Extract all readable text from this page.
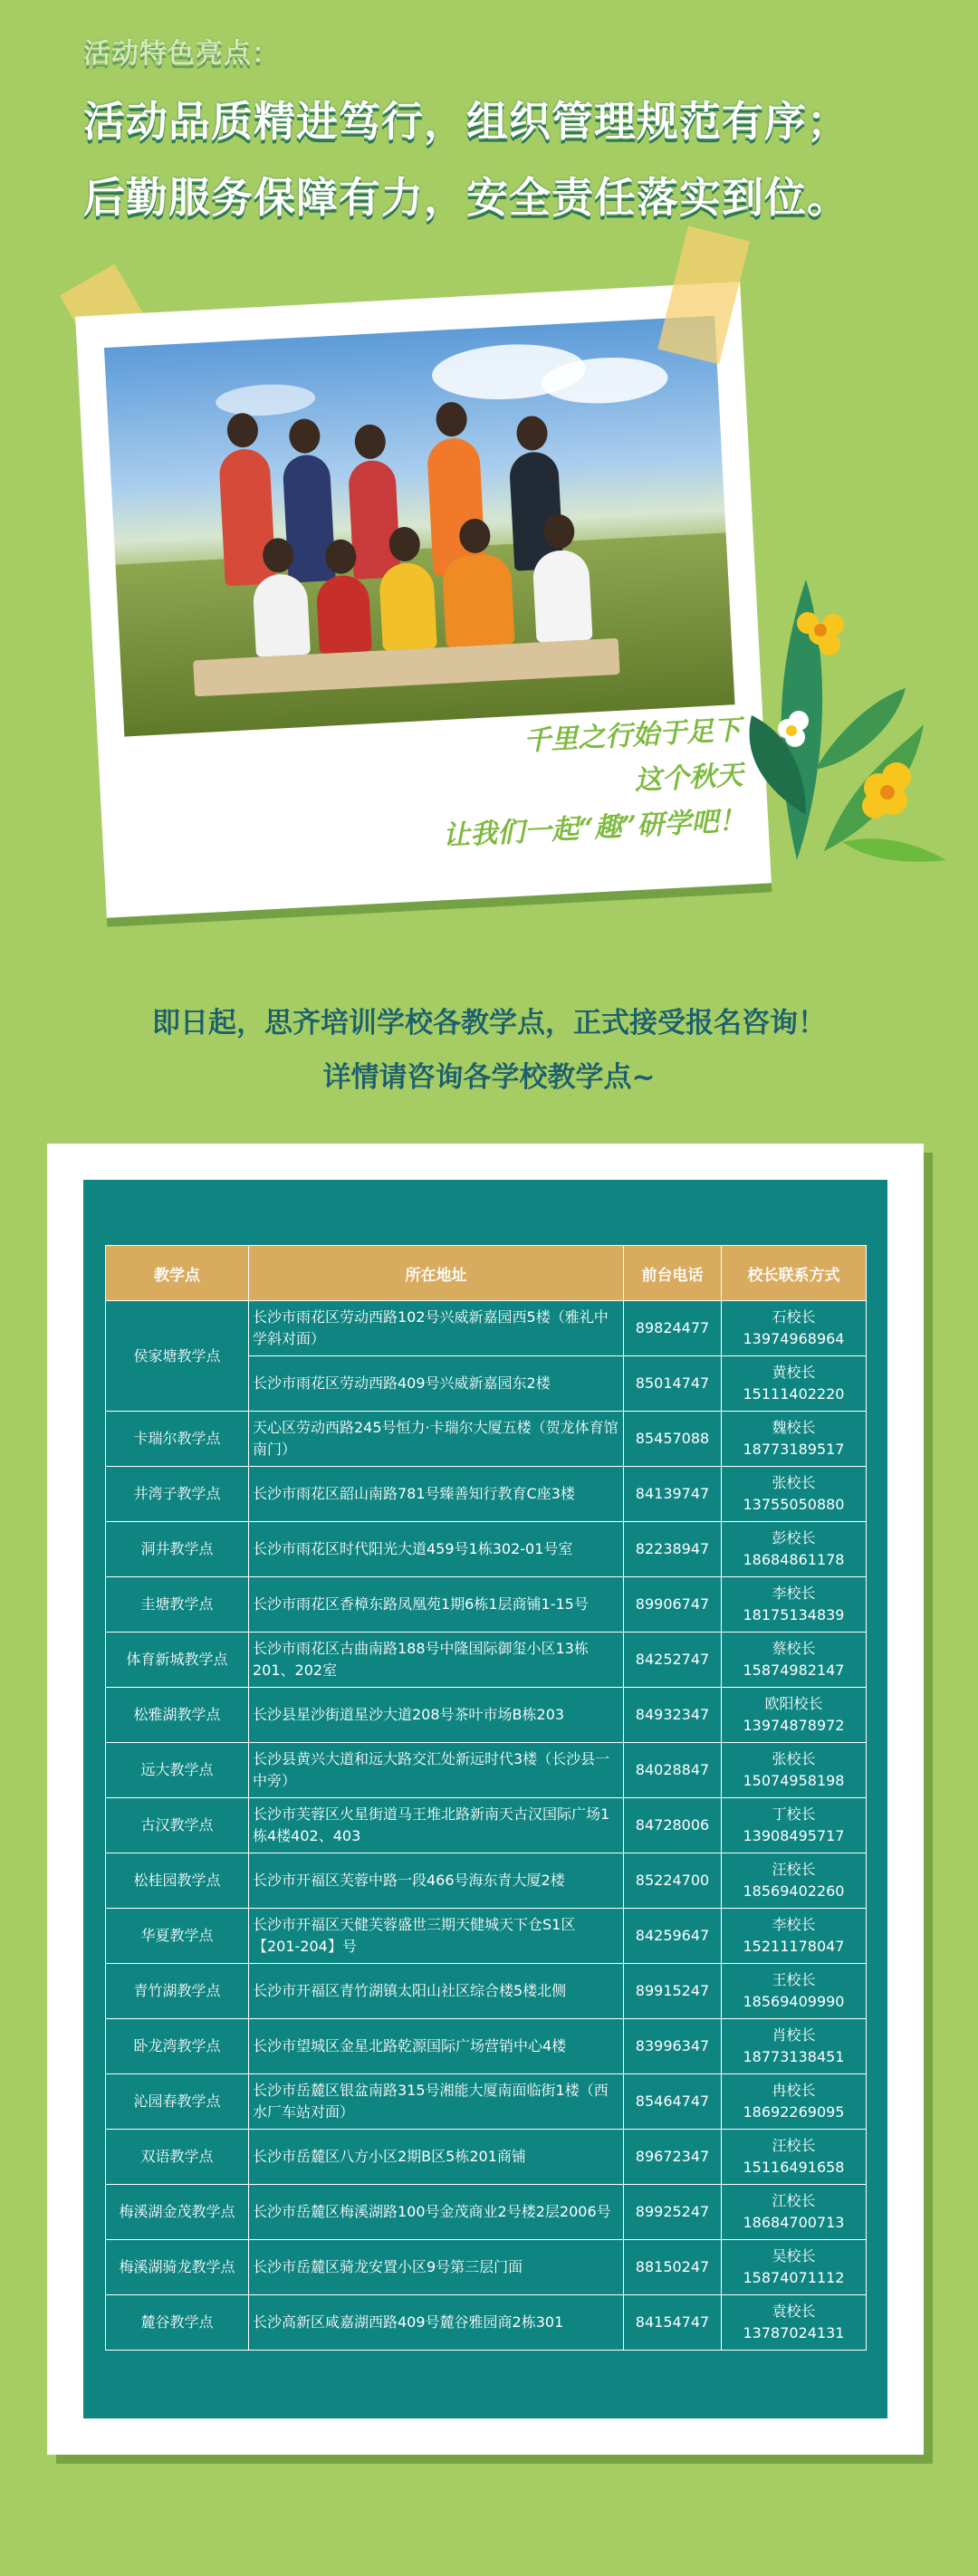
活动特色亮点：
活动品质精进笃行，组织管理规范有序；
后勤服务保障有力，安全责任落实到位。
千里之行始于足下
这个秋天
让我们一起“趣”研学吧！
即日起，思齐培训学校各教学点，正式接受报名咨询！
详情请咨询各学校教学点~
教学点	所在地址	前台电话	校长联系方式
侯家塘教学点	长沙市雨花区劳动西路102号兴威新嘉园西5楼（雅礼中学斜对面）	89824477	石校长
13974968964

	长沙市雨花区劳动西路409号兴威新嘉园东2楼	85014747	黄校长
15111402220

卡瑞尔教学点	天心区劳动西路245号恒力·卡瑞尔大厦五楼（贺龙体育馆南门）	85457088	魏校长
18773189517

井湾子教学点	长沙市雨花区韶山南路781号臻善知行教育C座3楼	84139747	张校长
13755050880

洞井教学点	长沙市雨花区时代阳光大道459号1栋302-01号室	82238947	彭校长
18684861178

圭塘教学点	长沙市雨花区香樟东路凤凰苑1期6栋1层商铺1-15号	89906747	李校长
18175134839

体育新城教学点	长沙市雨花区古曲南路188号中隆国际御玺小区13栋201、202室	84252747	蔡校长
15874982147

松雅湖教学点	长沙县星沙街道星沙大道208号茶叶市场B栋203	84932347	欧阳校长
13974878972

远大教学点	长沙县黄兴大道和远大路交汇处新远时代3楼（长沙县一中旁）	84028847	张校长
15074958198

古汉教学点	长沙市芙蓉区火星街道马王堆北路新南天古汉国际广场1栋4楼402、403	84728006	丁校长
13908495717

松桂园教学点	长沙市开福区芙蓉中路一段466号海东青大厦2楼	85224700	汪校长
18569402260

华夏教学点	长沙市开福区天健芙蓉盛世三期天健城天下仓S1区【201-204】号	84259647	李校长
15211178047

青竹湖教学点	长沙市开福区青竹湖镇太阳山社区综合楼5楼北侧	89915247	王校长
18569409990

卧龙湾教学点	长沙市望城区金星北路乾源国际广场营销中心4楼	83996347	肖校长
18773138451

沁园春教学点	长沙市岳麓区银盆南路315号湘能大厦南面临街1楼（西水厂车站对面）	85464747	冉校长
18692269095

双语教学点	长沙市岳麓区八方小区2期B区5栋201商铺	89672347	汪校长
15116491658

梅溪湖金茂教学点	长沙市岳麓区梅溪湖路100号金茂商业2号楼2层2006号	89925247	江校长
18684700713

梅溪湖骑龙教学点	长沙市岳麓区骑龙安置小区9号第三层门面	88150247	吴校长
15874071112

麓谷教学点	长沙高新区咸嘉湖西路409号麓谷雅园商2栋301	84154747	袁校长
13787024131
